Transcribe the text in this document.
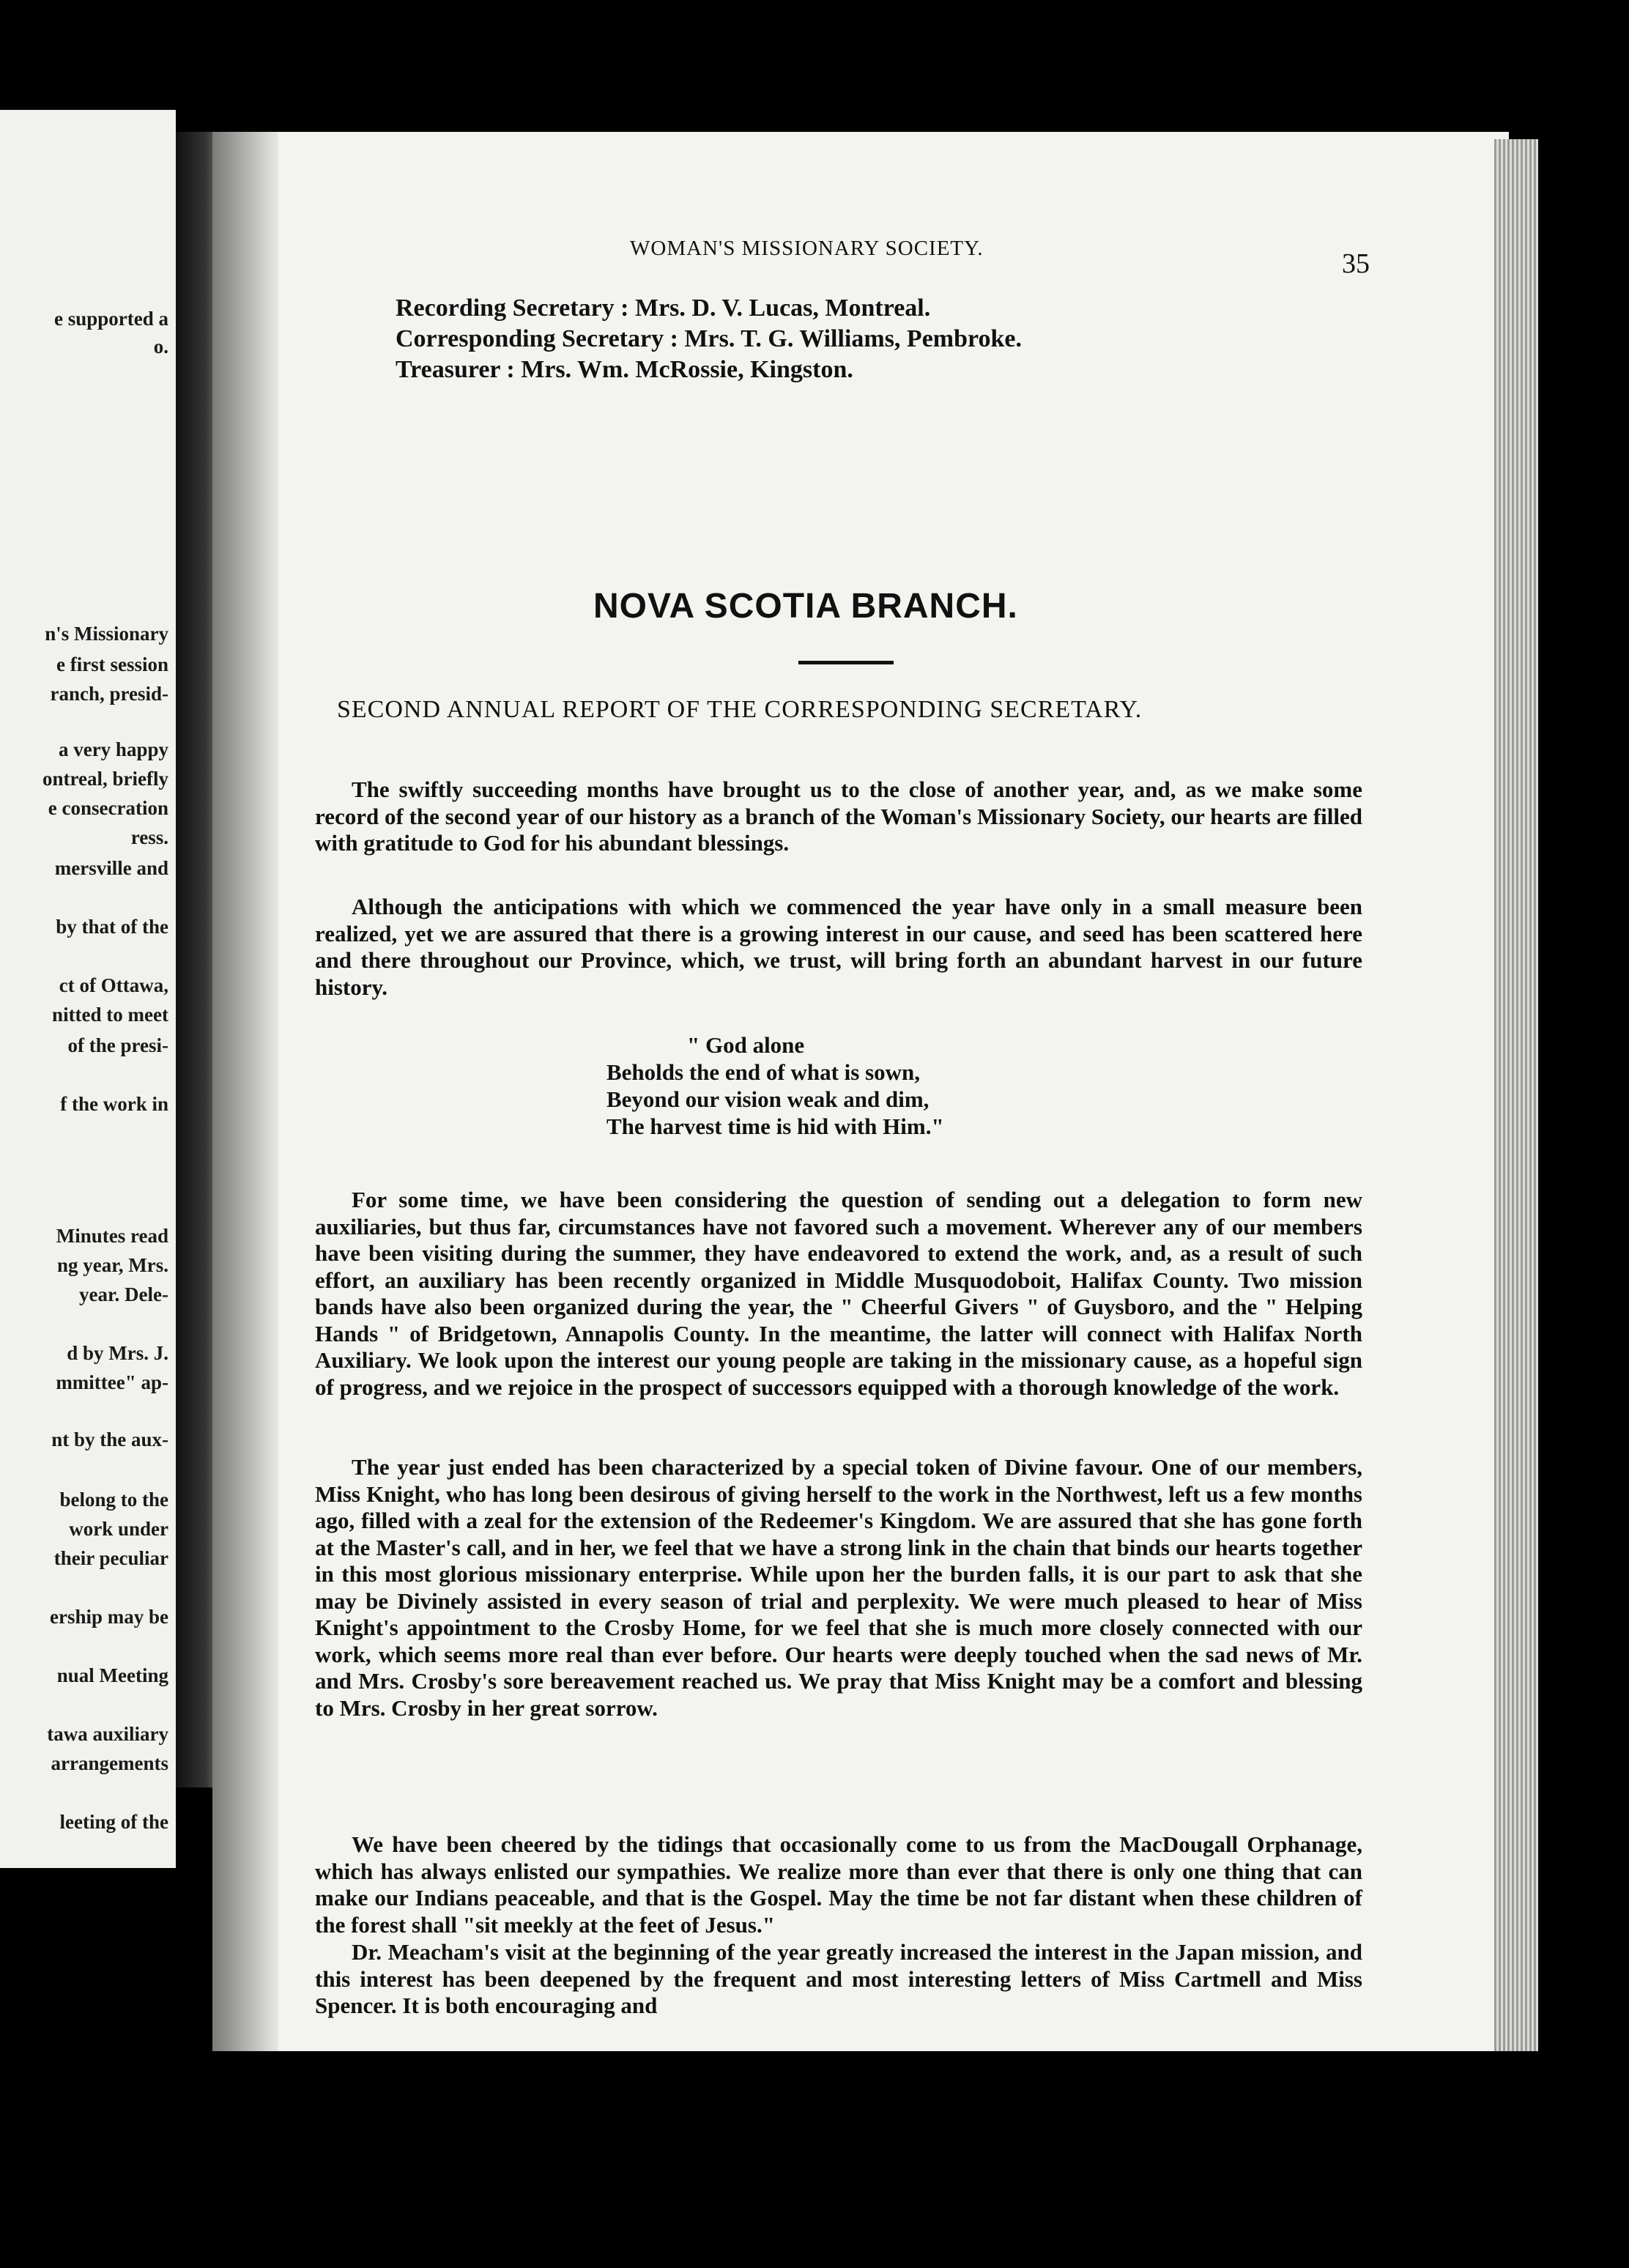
e supported a
o.
n's Missionary
e first session
ranch, presid-
a very happy
ontreal, briefly
e consecration
ress.
mersville and
by that of the
ct of Ottawa,
nitted to meet
of the presi-
f the work in
Minutes read
ng year, Mrs.
year. Dele-
d by Mrs. J.
mmittee" ap-
nt by the aux-
belong to the
work under
their peculiar
ership may be
nual Meeting
tawa auxiliary
arrangements
leeting of the
WOMAN'S MISSIONARY SOCIETY.	35
Recording Secretary : Mrs. D. V. Lucas, Montreal.
Corresponding Secretary : Mrs. T. G. Williams, Pembroke.
Treasurer : Mrs. Wm. McRossie, Kingston.
NOVA SCOTIA BRANCH.
SECOND ANNUAL REPORT OF THE CORRESPONDING SECRETARY.

The swiftly succeeding months have brought us to the close of another year, and, as we make some record of the second year of our history as a branch of the Woman's Missionary Society, our hearts are filled with gratitude to God for his abundant blessings.

Although the anticipations with which we commenced the year have only in a small measure been realized, yet we are assured that there is a growing interest in our cause, and seed has been scattered here and there throughout our Province, which, we trust, will bring forth an abundant harvest in our future history.

" God alone
Beholds the end of what is sown,
Beyond our vision weak and dim,
The harvest time is hid with Him."

For some time, we have been considering the question of sending out a delegation to form new auxiliaries, but thus far, circumstances have not favored such a movement. Wherever any of our members have been visiting during the summer, they have endeavored to extend the work, and, as a result of such effort, an auxiliary has been recently organized in Middle Musquodoboit, Halifax County. Two mission bands have also been organized during the year, the " Cheerful Givers " of Guysboro, and the " Helping Hands " of Bridgetown, Annapolis County. In the meantime, the latter will connect with Halifax North Auxiliary. We look upon the interest our young people are taking in the missionary cause, as a hopeful sign of progress, and we rejoice in the prospect of successors equipped with a thorough knowledge of the work.

The year just ended has been characterized by a special token of Divine favour. One of our members, Miss Knight, who has long been desirous of giving herself to the work in the Northwest, left us a few months ago, filled with a zeal for the extension of the Redeemer's Kingdom. We are assured that she has gone forth at the Master's call, and in her, we feel that we have a strong link in the chain that binds our hearts together in this most glorious missionary enterprise. While upon her the burden falls, it is our part to ask that she may be Divinely assisted in every season of trial and perplexity. We were much pleased to hear of Miss Knight's appointment to the Crosby Home, for we feel that she is much more closely connected with our work, which seems more real than ever before. Our hearts were deeply touched when the sad news of Mr. and Mrs. Crosby's sore bereavement reached us. We pray that Miss Knight may be a comfort and blessing to Mrs. Crosby in her great sorrow.

We have been cheered by the tidings that occasionally come to us from the MacDougall Orphanage, which has always enlisted our sympathies. We realize more than ever that there is only one thing that can make our Indians peaceable, and that is the Gospel. May the time be not far distant when these children of the forest shall "sit meekly at the feet of Jesus."

Dr. Meacham's visit at the beginning of the year greatly increased the interest in the Japan mission, and this interest has been deepened by the frequent and most interesting letters of Miss Cartmell and Miss Spencer. It is both encouraging and
